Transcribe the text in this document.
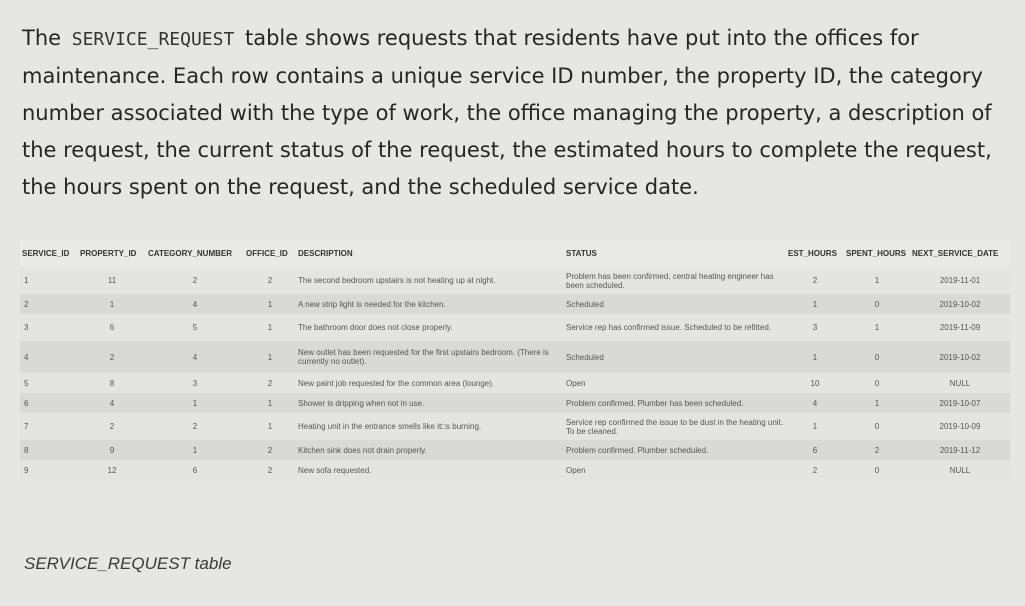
The SERVICE_REQUEST table shows requests that residents have put into the offices for maintenance. Each row contains a unique service ID number, the property ID, the category number associated with the type of work, the office managing the property, a description of the request, the current status of the request, the estimated hours to complete the request, the hours spent on the request, and the scheduled service date.
SERVICE_ID	PROPERTY_ID	CATEGORY_NUMBER	OFFICE_ID	DESCRIPTION	STATUS	EST_HOURS	SPENT_HOURS	NEXT_SERVICE_DATE
1	11	2	2	The second bedroom upstairs is not heating up at night.	Problem has been confirmed, central heating engineer has been scheduled.	2	1	2019-11-01
2	1	4	1	A new strip light is needed for the kitchen.	Scheduled	1	0	2019-10-02
3	6	5	1	The bathroom door does not close properly.	Service rep has confirmed issue. Scheduled to be refitted.	3	1	2019-11-09
4	2	4	1	New outlet has been requested for the first upstairs bedroom. (There is currently no outlet).	Scheduled	1	0	2019-10-02
5	8	3	2	New paint job requested for the common area (lounge).	Open	10	0	NULL
6	4	1	1	Shower is dripping when not in use.	Problem confirmed. Plumber has been scheduled.	4	1	2019-10-07
7	2	2	1	Heating unit in the entrance smells like it□s burning.	Service rep confirmed the issue to be dust in the heating unit. To be cleaned.	1	0	2019-10-09
8	9	1	2	Kitchen sink does not drain properly.	Problem confirmed. Plumber scheduled.	6	2	2019-11-12
9	12	6	2	New sofa requested.	Open	2	0	NULL
SERVICE_REQUEST table
